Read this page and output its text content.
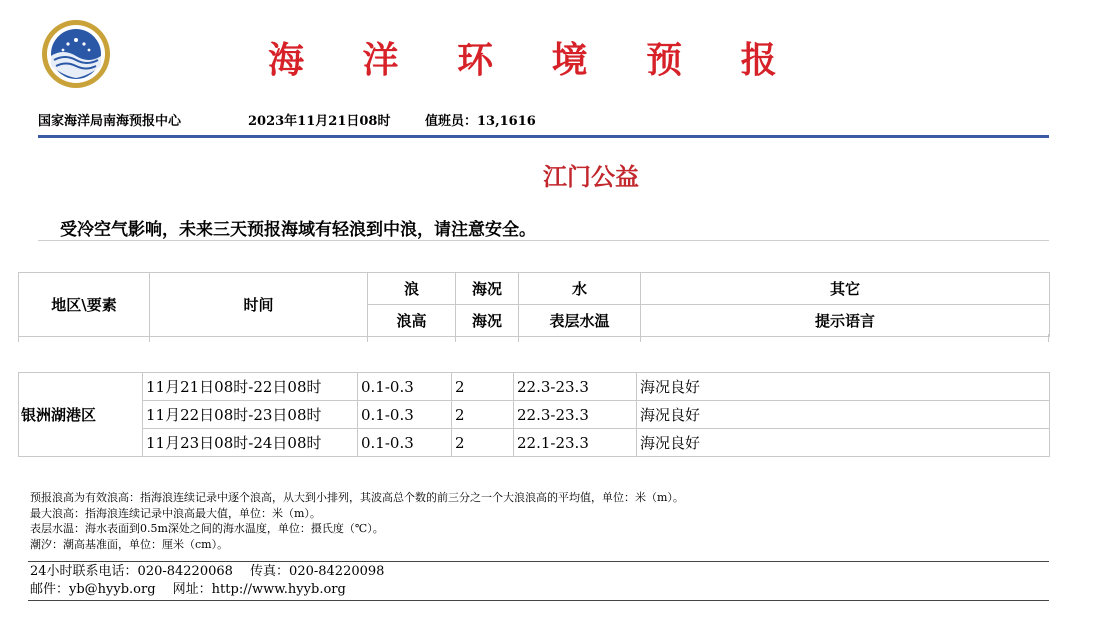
海 洋 环 境 预 报
国家海洋局南海预报中心	2023年11月21日08时	值班员：13,1616
江门公益
受冷空气影响，未来三天预报海域有轻浪到中浪，请注意安全。
地区\要素	时间	浪	海况	水	其它
		浪高	海况	表层水温	提示语言
银洲湖港区	11月21日08时-22日08时	0.1-0.3	2	22.3-23.3	海况良好
	11月22日08时-23日08时	0.1-0.3	2	22.3-23.3	海况良好
	11月23日08时-24日08时	0.1-0.3	2	22.1-23.3	海况良好
预报浪高为有效浪高：指海浪连续记录中逐个浪高，从大到小排列，其波高总个数的前三分之一个大浪浪高的平均值，单位：米（m）。
最大浪高：指海浪连续记录中浪高最大值，单位：米（m）。
表层水温：海水表面到0.5m深处之间的海水温度，单位：摄氏度（℃）。
潮汐：潮高基准面，单位：厘米（cm）。
24小时联系电话：020-84220068　 传真：020-84220098
邮件：yb@hyyb.org　 网址：http://www.hyyb.org
